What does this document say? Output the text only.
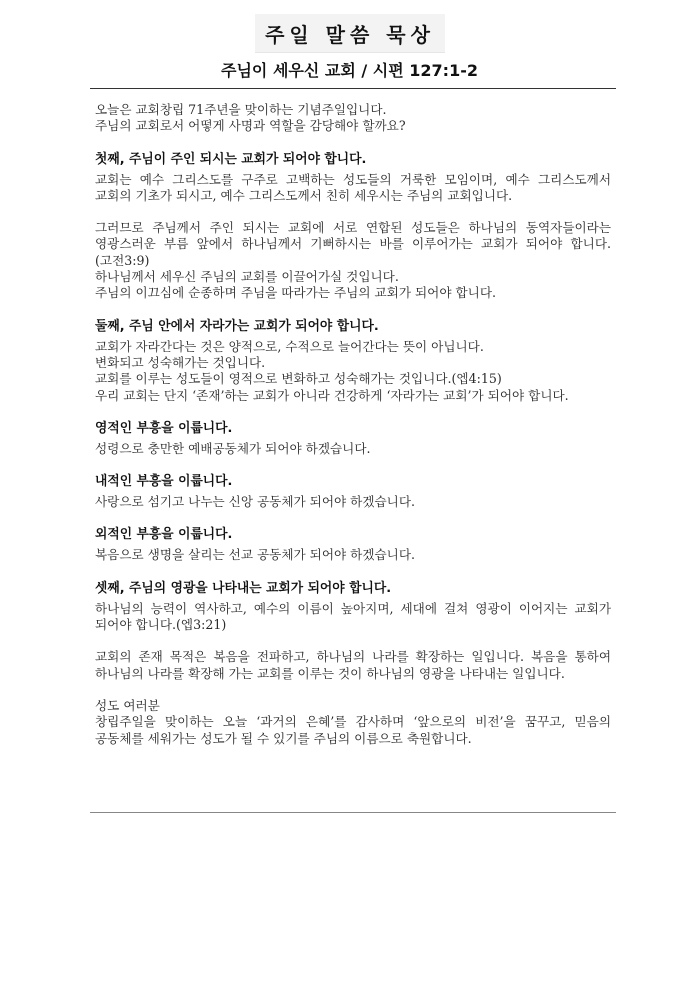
주일 말씀 묵상
주님이 세우신 교회 / 시편 127:1-2
오늘은 교회창립 71주년을 맞이하는 기념주일입니다.
주님의 교회로서 어떻게 사명과 역할을 감당해야 할까요?
첫째, 주님이 주인 되시는 교회가 되어야 합니다.
교회는 예수 그리스도를 구주로 고백하는 성도들의 거룩한 모임이며, 예수 그리스도께서 교회의 기초가 되시고, 예수 그리스도께서 친히 세우시는 주님의 교회입니다.
그러므로 주님께서 주인 되시는 교회에 서로 연합된 성도들은 하나님의 동역자들이라는 영광스러운 부름 앞에서 하나님께서 기뻐하시는 바를 이루어가는 교회가 되어야 합니다.(고전3:9)
하나님께서 세우신 주님의 교회를 이끌어가실 것입니다.
주님의 이끄심에 순종하며 주님을 따라가는 주님의 교회가 되어야 합니다.
둘째, 주님 안에서 자라가는 교회가 되어야 합니다.
교회가 자라간다는 것은 양적으로, 수적으로 늘어간다는 뜻이 아닙니다.
변화되고 성숙해가는 것입니다.
교회를 이루는 성도들이 영적으로 변화하고 성숙해가는 것입니다.(엡4:15)
우리 교회는 단지 ‘존재’하는 교회가 아니라 건강하게 ‘자라가는 교회’가 되어야 합니다.
영적인 부흥을 이룹니다.
성령으로 충만한 예배공동체가 되어야 하겠습니다.
내적인 부흥을 이룹니다.
사랑으로 섬기고 나누는 신앙 공동체가 되어야 하겠습니다.
외적인 부흥을 이룹니다.
복음으로 생명을 살리는 선교 공동체가 되어야 하겠습니다.
셋째, 주님의 영광을 나타내는 교회가 되어야 합니다.
하나님의 능력이 역사하고, 예수의 이름이 높아지며, 세대에 걸쳐 영광이 이어지는 교회가 되어야 합니다.(엡3:21)
교회의 존재 목적은 복음을 전파하고, 하나님의 나라를 확장하는 일입니다. 복음을 통하여 하나님의 나라를 확장해 가는 교회를 이루는 것이 하나님의 영광을 나타내는 일입니다.
성도 여러분
창립주일을 맞이하는 오늘 ‘과거의 은혜’를 감사하며 ‘앞으로의 비전’을 꿈꾸고, 믿음의 공동체를 세워가는 성도가 될 수 있기를 주님의 이름으로 축원합니다.
